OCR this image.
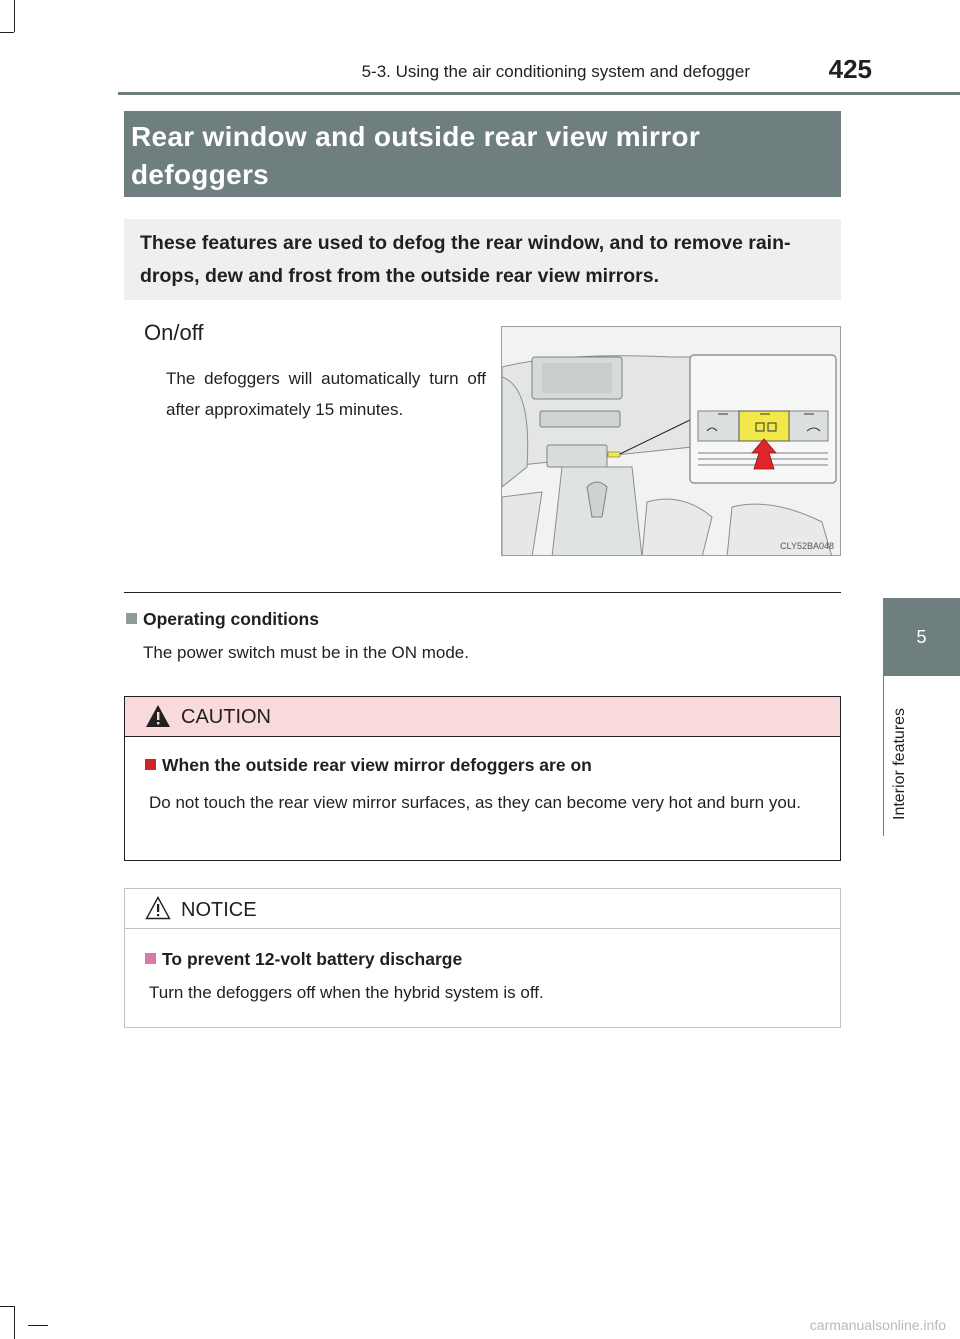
5-3. Using the air conditioning system and defogger	425
5
Interior features
Rear window and outside rear view mirror defoggers
These features are used to defog the rear window, and to remove rain-drops, dew and frost from the outside rear view mirrors.
On/off
The defoggers will automatically turn off after approximately 15 minutes.
CLY52BA048
Operating conditions
The power switch must be in the ON mode.
CAUTION
When the outside rear view mirror defoggers are on
Do not touch the rear view mirror surfaces, as they can become very hot and burn you.
NOTICE
To prevent 12-volt battery discharge
Turn the defoggers off when the hybrid system is off.
carmanualsonline.info
